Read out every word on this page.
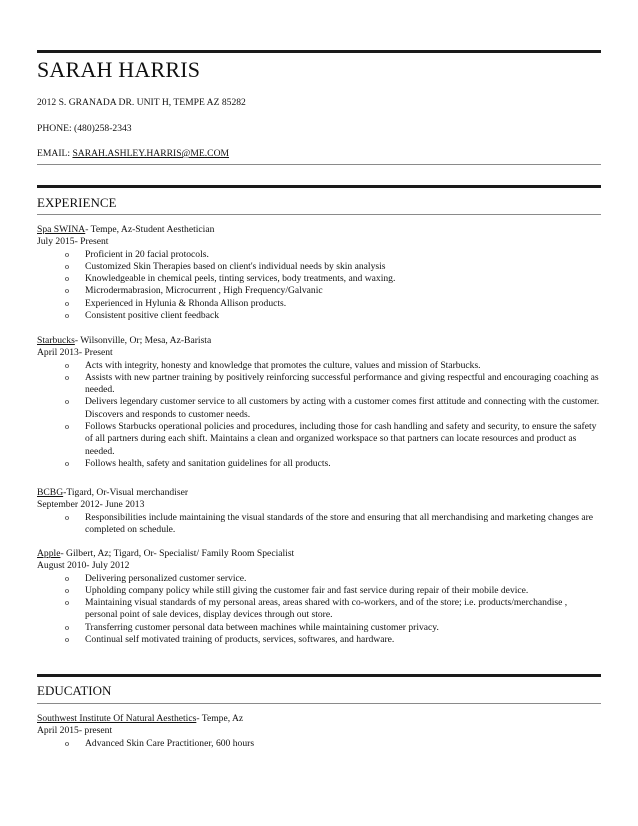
SARAH HARRIS
2012 S. GRANADA DR. UNIT H, TEMPE AZ 85282
PHONE: (480)258-2343
EMAIL: SARAH.ASHLEY.HARRIS@ME.COM
EXPERIENCE
Spa SWINA- Tempe, Az-Student Aesthetician
July 2015- Present
o Proficient in 20 facial protocols.
o Customized Skin Therapies based on client's individual needs by skin analysis
o Knowledgeable in chemical peels, tinting services, body treatments, and waxing.
o Microdermabrasion, Microcurrent , High Frequency/Galvanic
o Experienced in Hylunia & Rhonda Allison products.
o Consistent positive client feedback
Starbucks- Wilsonville, Or; Mesa, Az-Barista
April 2013- Present
o Acts with integrity, honesty and knowledge that promotes the culture, values and mission of Starbucks.
o Assists with new partner training by positively reinforcing successful performance and giving respectful and encouraging coaching as needed.
o Delivers legendary customer service to all customers by acting with a customer comes first attitude and connecting with the customer. Discovers and responds to customer needs.
o Follows Starbucks operational policies and procedures, including those for cash handling and safety and security, to ensure the safety of all partners during each shift. Maintains a clean and organized workspace so that partners can locate resources and product as needed.
o Follows health, safety and sanitation guidelines for all products.
BCBG-Tigard, Or-Visual merchandiser
September 2012- June 2013
o Responsibilities include maintaining the visual standards of the store and ensuring that all merchandising and marketing changes are completed on schedule.
Apple- Gilbert, Az; Tigard, Or- Specialist/ Family Room Specialist
August 2010- July 2012
o Delivering personalized customer service.
o Upholding company policy while still giving the customer fair and fast service during repair of their mobile device.
o Maintaining visual standards of my personal areas, areas shared with co-workers, and of the store; i.e. products/merchandise , personal point of sale devices, display devices through out store.
o Transferring customer personal data between machines while maintaining customer privacy.
o Continual self motivated training of products, services, softwares, and hardware.
EDUCATION
Southwest Institute Of Natural Aesthetics- Tempe, Az
April 2015- present
o Advanced Skin Care Practitioner, 600 hours
